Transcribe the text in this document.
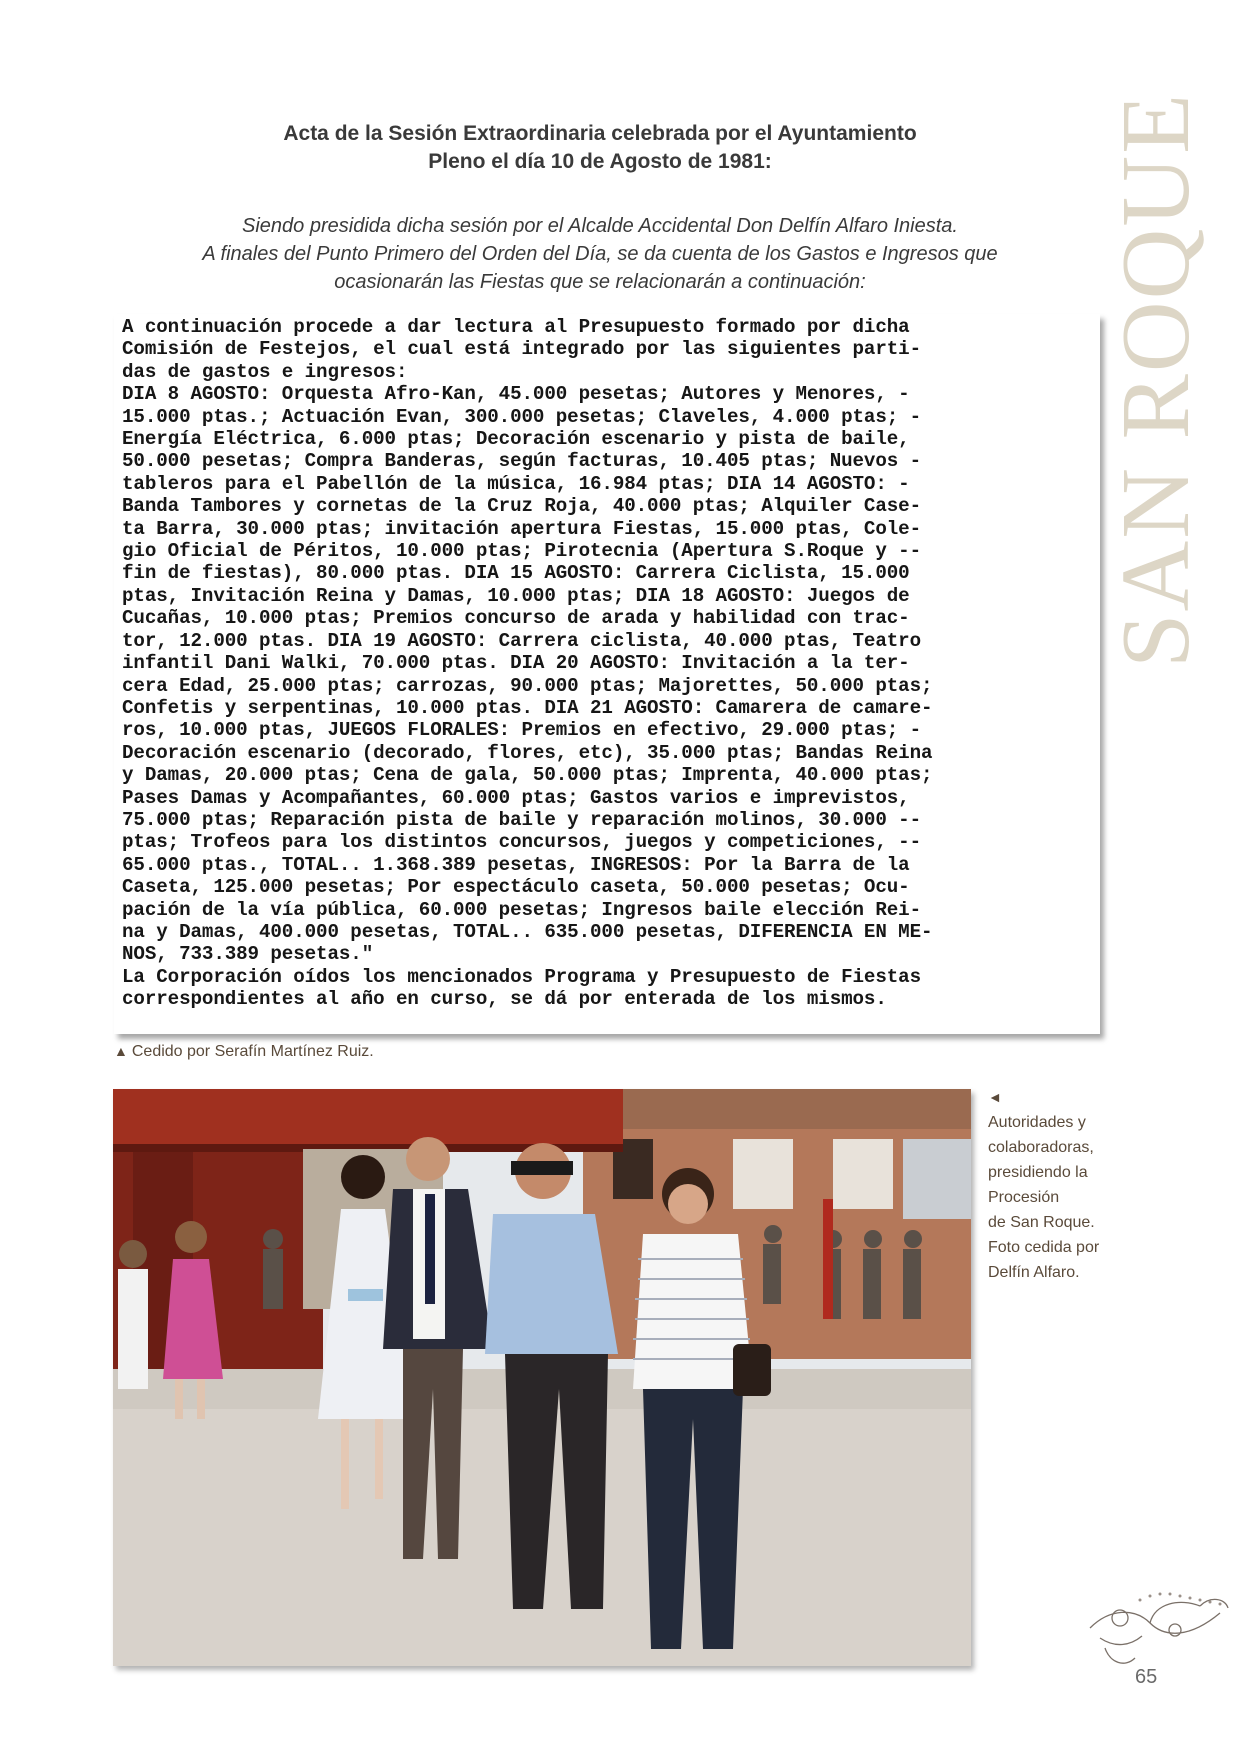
Acta de la Sesión Extraordinaria celebrada por el Ayuntamiento
Pleno el día 10 de Agosto de 1981:
Siendo presidida dicha sesión por el Alcalde Accidental Don Delfín Alfaro Iniesta.
A finales del Punto Primero del Orden del Día, se da cuenta de los Gastos e Ingresos que
ocasionarán las Fiestas que se relacionarán a continuación:	SAN ROQUE
A continuación procede a dar lectura al Presupuesto formado por dicha
Comisión de Festejos, el cual está integrado por las siguientes parti-
das de gastos e ingresos:
DIA 8 AGOSTO: Orquesta Afro-Kan, 45.000 pesetas; Autores y Menores, -
15.000 ptas.; Actuación Evan, 300.000 pesetas; Claveles, 4.000 ptas; -
Energía Eléctrica, 6.000 ptas; Decoración escenario y pista de baile,
50.000 pesetas; Compra Banderas, según facturas, 10.405 ptas; Nuevos -
tableros para el Pabellón de la música, 16.984 ptas; DIA 14 AGOSTO: -
Banda Tambores y cornetas de la Cruz Roja, 40.000 ptas; Alquiler Case-
ta Barra, 30.000 ptas; invitación apertura Fiestas, 15.000 ptas, Cole-
gio Oficial de Péritos, 10.000 ptas; Pirotecnia (Apertura S.Roque y --
fin de fiestas), 80.000 ptas. DIA 15 AGOSTO: Carrera Ciclista, 15.000
ptas, Invitación Reina y Damas, 10.000 ptas; DIA 18 AGOSTO: Juegos de
Cucañas, 10.000 ptas; Premios concurso de arada y habilidad con trac-
tor, 12.000 ptas. DIA 19 AGOSTO: Carrera ciclista, 40.000 ptas, Teatro
infantil Dani Walki, 70.000 ptas. DIA 20 AGOSTO: Invitación a la ter-
cera Edad, 25.000 ptas; carrozas, 90.000 ptas; Majorettes, 50.000 ptas;
Confetis y serpentinas, 10.000 ptas. DIA 21 AGOSTO: Camarera de camare-
ros, 10.000 ptas, JUEGOS FLORALES: Premios en efectivo, 29.000 ptas; -
Decoración escenario (decorado, flores, etc), 35.000 ptas; Bandas Reina
y Damas, 20.000 ptas; Cena de gala, 50.000 ptas; Imprenta, 40.000 ptas;
Pases Damas y Acompañantes, 60.000 ptas; Gastos varios e imprevistos,
75.000 ptas; Reparación pista de baile y reparación molinos, 30.000 --
ptas; Trofeos para los distintos concursos, juegos y competiciones, --
65.000 ptas., TOTAL.. 1.368.389 pesetas, INGRESOS: Por la Barra de la
Caseta, 125.000 pesetas; Por espectáculo caseta, 50.000 pesetas; Ocu-
pación de la vía pública, 60.000 pesetas; Ingresos baile elección Rei-
na y Damas, 400.000 pesetas, TOTAL.. 635.000 pesetas, DIFERENCIA EN ME-
NOS, 733.389 pesetas."
La Corporación oídos los mencionados Programa y Presupuesto de Fiestas
correspondientes al año en curso, se dá por enterada de los mismos.
▲ Cedido por Serafín Martínez Ruiz.
◄
Autoridades y
colaboradoras,
presidiendo la
Procesión
de San Roque.
Foto cedida por
Delfín Alfaro.
65
